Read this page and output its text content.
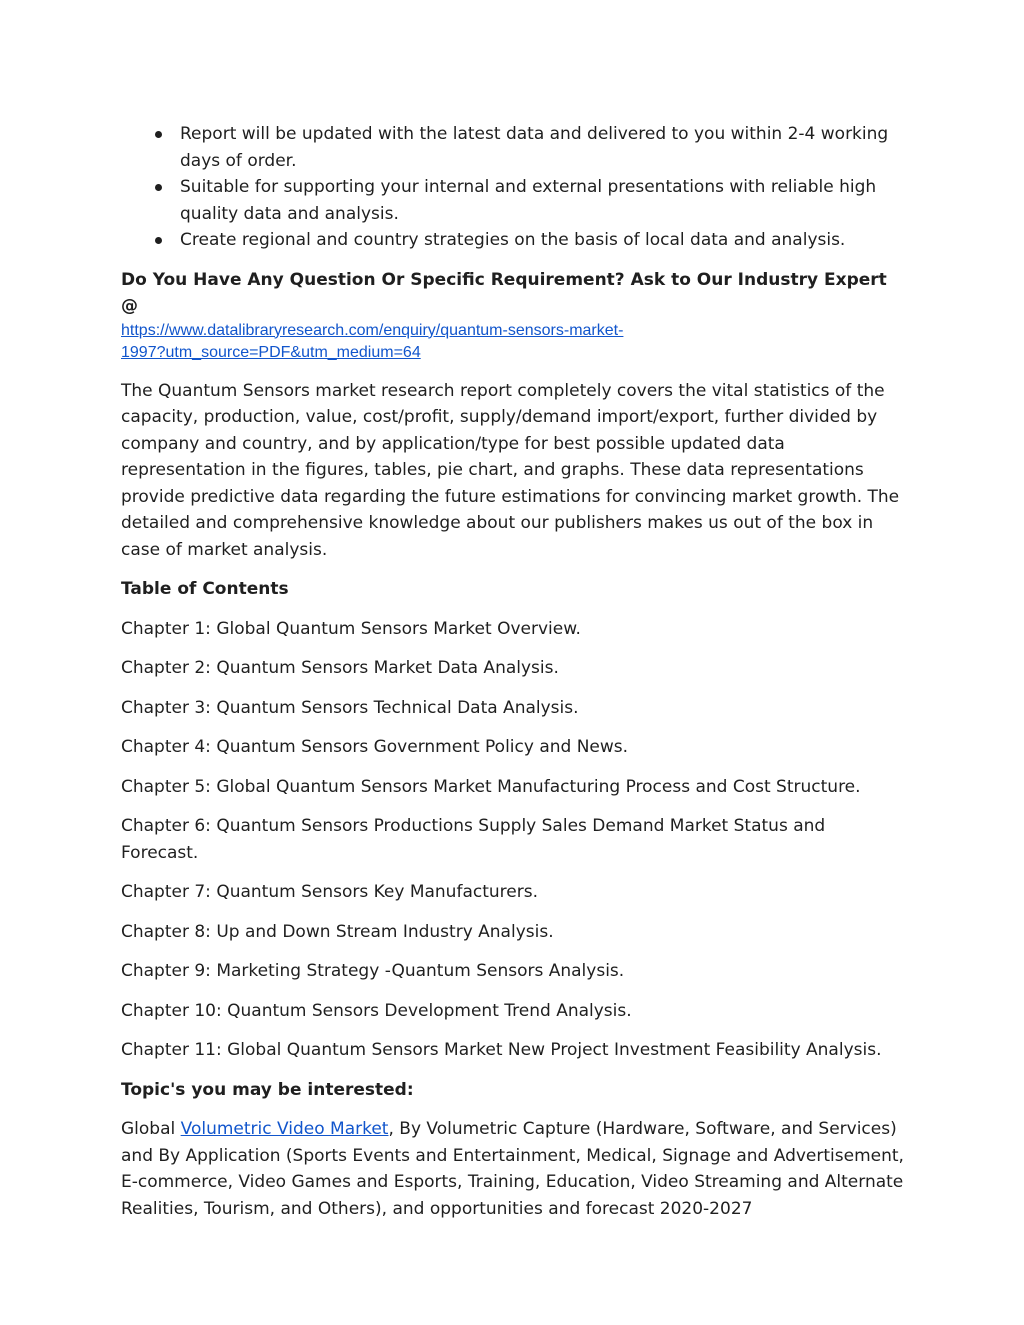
Report will be updated with the latest data and delivered to you within 2-4 working days of order.
Suitable for supporting your internal and external presentations with reliable high quality data and analysis.
Create regional and country strategies on the basis of local data and analysis.
Do You Have Any Question Or Specific Requirement? Ask to Our Industry Expert @
https://www.datalibraryresearch.com/enquiry/quantum-sensors-market-
1997?utm_source=PDF&utm_medium=64

The Quantum Sensors market research report completely covers the vital statistics of the capacity, production, value, cost/profit, supply/demand import/export, further divided by company and country, and by application/type for best possible updated data representation in the figures, tables, pie chart, and graphs. These data representations provide predictive data regarding the future estimations for convincing market growth. The detailed and comprehensive knowledge about our publishers makes us out of the box in case of market analysis.

Table of Contents
Chapter 1: Global Quantum Sensors Market Overview.
Chapter 2: Quantum Sensors Market Data Analysis.
Chapter 3: Quantum Sensors Technical Data Analysis.
Chapter 4: Quantum Sensors Government Policy and News.
Chapter 5: Global Quantum Sensors Market Manufacturing Process and Cost Structure.
Chapter 6: Quantum Sensors Productions Supply Sales Demand Market Status and Forecast.
Chapter 7: Quantum Sensors Key Manufacturers.
Chapter 8: Up and Down Stream Industry Analysis.
Chapter 9: Marketing Strategy -Quantum Sensors Analysis.
Chapter 10: Quantum Sensors Development Trend Analysis.
Chapter 11: Global Quantum Sensors Market New Project Investment Feasibility Analysis.
Topic's you may be interested:

Global Volumetric Video Market, By Volumetric Capture (Hardware, Software, and Services) and By Application (Sports Events and Entertainment, Medical, Signage and Advertisement, E-commerce, Video Games and Esports, Training, Education, Video Streaming and Alternate Realities, Tourism, and Others), and opportunities and forecast 2020-2027
